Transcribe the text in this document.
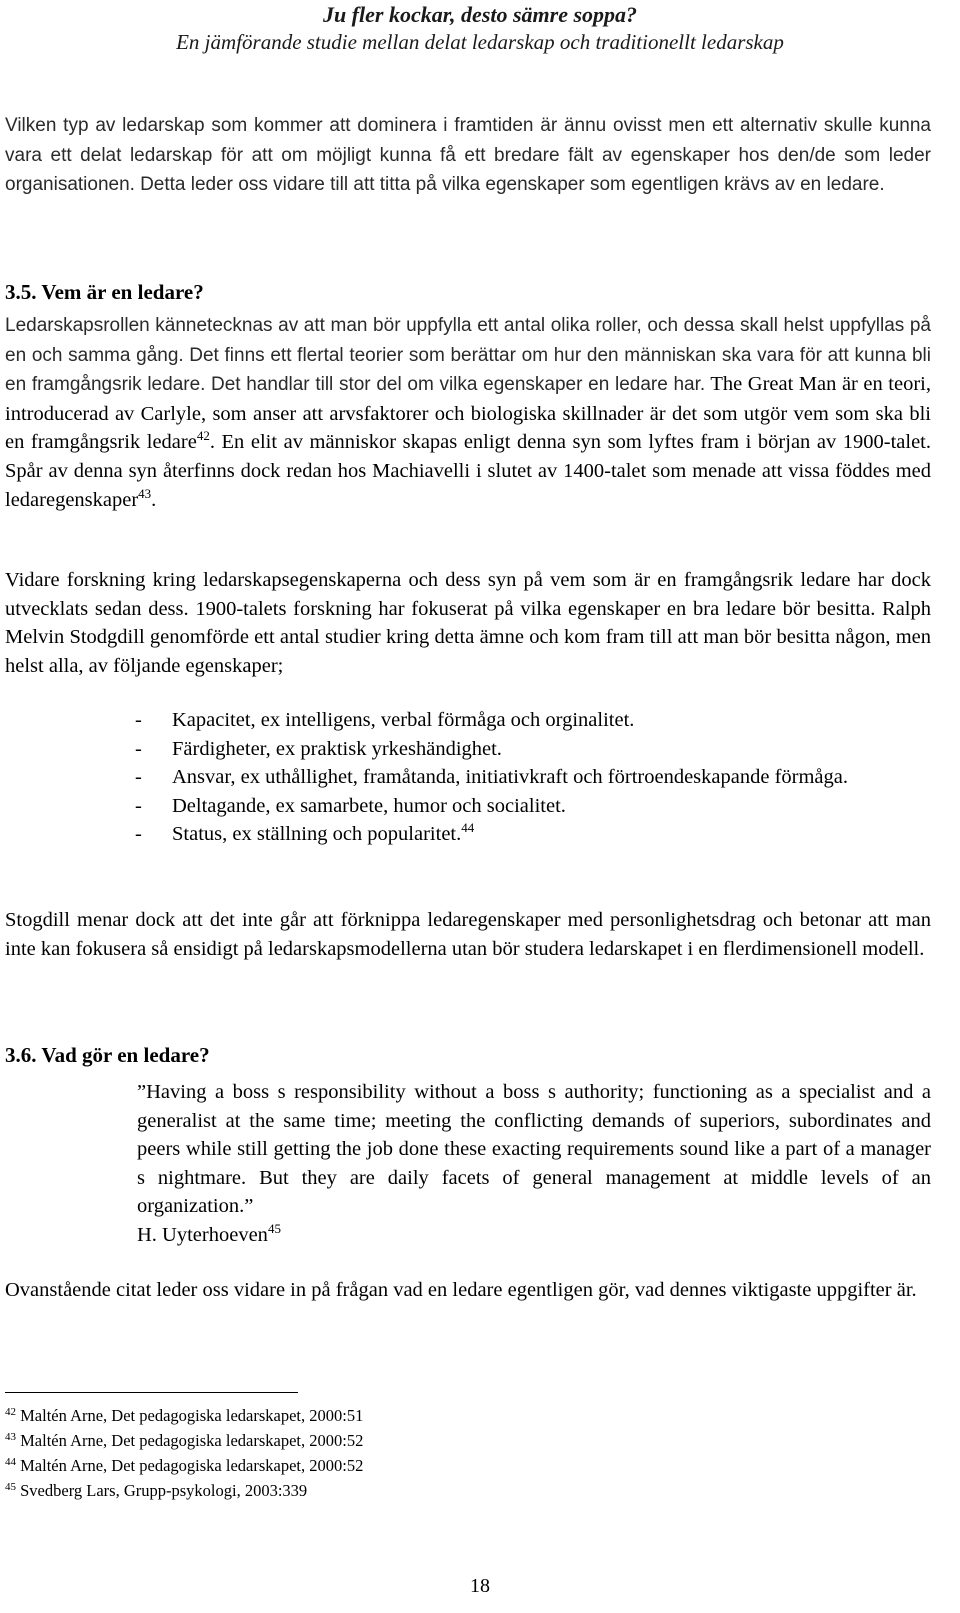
Ju fler kockar, desto sämre soppa?
En jämförande studie mellan delat ledarskap och traditionellt ledarskap
Vilken typ av ledarskap som kommer att dominera i framtiden är ännu ovisst men ett alternativ skulle kunna vara ett delat ledarskap för att om möjligt kunna få ett bredare fält av egenskaper hos den/de som leder organisationen. Detta leder oss vidare till att titta på vilka egenskaper som egentligen krävs av en ledare.
3.5. Vem är en ledare?
Ledarskapsrollen kännetecknas av att man bör uppfylla ett antal olika roller, och dessa skall helst uppfyllas på en och samma gång. Det finns ett flertal teorier som berättar om hur den människan ska vara för att kunna bli en framgångsrik ledare. Det handlar till stor del om vilka egenskaper en ledare har. The Great Man är en teori, introducerad av Carlyle, som anser att arvsfaktorer och biologiska skillnader är det som utgör vem som ska bli en framgångsrik ledare$^{42}$. En elit av människor skapas enligt denna syn som lyftes fram i början av 1900-talet. Spår av denna syn återfinns dock redan hos Machiavelli i slutet av 1400-talet som menade att vissa föddes med ledaregenskaper$^{43}$.
Vidare forskning kring ledarskapsegenskaperna och dess syn på vem som är en framgångsrik ledare har dock utvecklats sedan dess. 1900-talets forskning har fokuserat på vilka egenskaper en bra ledare bör besitta. Ralph Melvin Stodgdill genomförde ett antal studier kring detta ämne och kom fram till att man bör besitta någon, men helst alla, av följande egenskaper;
- Kapacitet, ex intelligens, verbal förmåga och orginalitet.
- Färdigheter, ex praktisk yrkeshändighet.
- Ansvar, ex uthållighet, framåtanda, initiativkraft och förtroendeskapande förmåga.
- Deltagande, ex samarbete, humor och socialitet.
- Status, ex ställning och popularitet.$^{44}$
Stogdill menar dock att det inte går att förknippa ledaregenskaper med personlighetsdrag och betonar att man inte kan fokusera så ensidigt på ledarskapsmodellerna utan bör studera ledarskapet i en flerdimensionell modell.
3.6. Vad gör en ledare?
”Having a boss s responsibility without a boss s authority; functioning as a specialist and a generalist at the same time; meeting the conflicting demands of superiors, subordinates and peers while still getting the job done these exacting requirements sound like a part of a manager s nightmare. But they are daily facets of general management at middle levels of an organization.”
H. Uyterhoeven$^{45}$
Ovanstående citat leder oss vidare in på frågan vad en ledare egentligen gör, vad dennes viktigaste uppgifter är.
$^{42}$ Maltén Arne, Det pedagogiska ledarskapet, 2000:51
$^{43}$ Maltén Arne, Det pedagogiska ledarskapet, 2000:52
$^{44}$ Maltén Arne, Det pedagogiska ledarskapet, 2000:52
$^{45}$ Svedberg Lars, Grupp-psykologi, 2003:339
18
